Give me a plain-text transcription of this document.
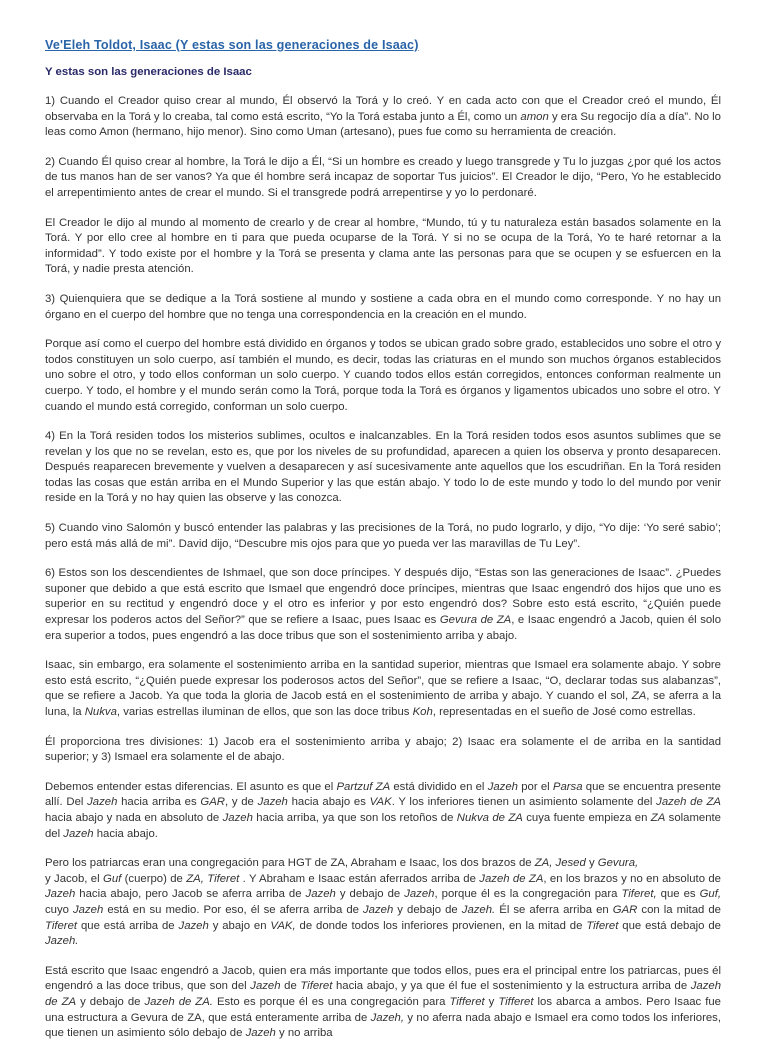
Ve'Eleh Toldot, Isaac (Y estas son las generaciones de Isaac)
Y estas son las generaciones de Isaac

1) Cuando el Creador quiso crear al mundo, Él observó la Torá y lo creó. Y en cada acto con que el Creador creó el mundo, Él observaba en la Torá y lo creaba, tal como está escrito, “Yo la Torá estaba junto a Él, como un amon y era Su regocijo día a día”. No lo leas como Amon (hermano, hijo menor). Sino como Uman (artesano), pues fue como su herramienta de creación.

2) Cuando Él quiso crear al hombre, la Torá le dijo a Él, “Si un hombre es creado y luego transgrede y Tu lo juzgas ¿por qué los actos de tus manos han de ser vanos? Ya que él hombre será incapaz de soportar Tus juicios”. El Creador le dijo, “Pero, Yo he establecido el arrepentimiento antes de crear el mundo. Si el transgrede podrá arrepentirse y yo lo perdonaré.

El Creador le dijo al mundo al momento de crearlo y de crear al hombre, “Mundo, tú y tu naturaleza están basados solamente en la Torá. Y por ello cree al hombre en ti para que pueda ocuparse de la Torá. Y si no se ocupa de la Torá, Yo te haré retornar a la informidad”. Y todo existe por el hombre y la Torá se presenta y clama ante las personas para que se ocupen y se esfuercen en la Torá, y nadie presta atención.

3) Quienquiera que se dedique a la Torá sostiene al mundo y sostiene a cada obra en el mundo como corresponde. Y no hay un órgano en el cuerpo del hombre que no tenga una correspondencia en la creación en el mundo.

Porque así como el cuerpo del hombre está dividido en órganos y todos se ubican grado sobre grado, establecidos uno sobre el otro y todos constituyen un solo cuerpo, así también el mundo, es decir, todas las criaturas en el mundo son muchos órganos establecidos uno sobre el otro, y todo ellos conforman un solo cuerpo. Y cuando todos ellos están corregidos, entonces conforman realmente un cuerpo. Y todo, el hombre y el mundo serán como la Torá, porque toda la Torá es órganos y ligamentos ubicados uno sobre el otro. Y cuando el mundo está corregido, conforman un solo cuerpo.

4) En la Torá residen todos los misterios sublimes, ocultos e inalcanzables. En la Torá residen todos esos asuntos sublimes que se revelan y los que no se revelan, esto es, que por los niveles de su profundidad, aparecen a quien los observa y pronto desaparecen. Después reaparecen brevemente y vuelven a desaparecen y así sucesivamente ante aquellos que los escudriñan. En la Torá residen todas las cosas que están arriba en el Mundo Superior y las que están abajo. Y todo lo de este mundo y todo lo del mundo por venir reside en la Torá y no hay quien las observe y las conozca.

5) Cuando vino Salomón y buscó entender las palabras y las precisiones de la Torá, no pudo lograrlo, y dijo, “Yo dije: ‘Yo seré sabio’; pero está más allá de mi”. David dijo, “Descubre mis ojos para que yo pueda ver las maravillas de Tu Ley”.

6) Estos son los descendientes de Ishmael, que son doce príncipes. Y después dijo, “Estas son las generaciones de Isaac”. ¿Puedes suponer que debido a que está escrito que Ismael que engendró doce príncipes, mientras que Isaac engendró dos hijos que uno es superior en su rectitud y engendró doce y el otro es inferior y por esto engendró dos? Sobre esto está escrito, “¿Quién puede expresar los poderos actos del Señor?” que se refiere a Isaac, pues Isaac es Gevura de ZA, e Isaac engendró a Jacob, quien él solo era superior a todos, pues engendró a las doce tribus que son el sostenimiento arriba y abajo.

Isaac, sin embargo, era solamente el sostenimiento arriba en la santidad superior, mientras que Ismael era solamente abajo. Y sobre esto está escrito, “¿Quién puede expresar los poderosos actos del Señor”, que se refiere a Isaac, “O, declarar todas sus alabanzas”, que se refiere a Jacob. Ya que toda la gloria de Jacob está en el sostenimiento de arriba y abajo. Y cuando el sol, ZA, se aferra a la luna, la Nukva, varias estrellas iluminan de ellos, que son las doce tribus Koh, representadas en el sueño de José como estrellas.

Él proporciona tres divisiones: 1) Jacob era el sostenimiento arriba y abajo; 2) Isaac era solamente el de arriba en la santidad superior; y 3) Ismael era solamente el de abajo.

Debemos entender estas diferencias. El asunto es que el Partzuf ZA está dividido en el Jazeh por el Parsa que se encuentra presente allí. Del Jazeh hacia arriba es GAR, y de Jazeh hacia abajo es VAK. Y los inferiores tienen un asimiento solamente del Jazeh de ZA hacia abajo y nada en absoluto de Jazeh hacia arriba, ya que son los retoños de Nukva de ZA cuya fuente empieza en ZA solamente del Jazeh hacia abajo.

Pero los patriarcas eran una congregación para HGT de ZA, Abraham e Isaac, los dos brazos de ZA, Jesed y Gevura,
y Jacob, el Guf (cuerpo) de ZA, Tiferet . Y Abraham e Isaac están aferrados arriba de Jazeh de ZA, en los brazos y no en absoluto de Jazeh hacia abajo, pero Jacob se aferra arriba de Jazeh y debajo de Jazeh, porque él es la congregación para Tiferet, que es Guf, cuyo Jazeh está en su medio. Por eso, él se aferra arriba de Jazeh y debajo de Jazeh. Él se aferra arriba en GAR con la mitad de Tiferet que está arriba de Jazeh y abajo en VAK, de donde todos los inferiores provienen, en la mitad de Tiferet que está debajo de Jazeh.

Está escrito que Isaac engendró a Jacob, quien era más importante que todos ellos, pues era el principal entre los patriarcas, pues él engendró a las doce tribus, que son del Jazeh de Tiferet hacia abajo, y ya que él fue el sostenimiento y la estructura arriba de Jazeh de ZA y debajo de Jazeh de ZA. Esto es porque él es una congregación para Tifferet y Tifferet los abarca a ambos. Pero Isaac fue una estructura a Gevura de ZA, que está enteramente arriba de Jazeh, y no aferra nada abajo e Ismael era como todos los inferiores, que tienen un asimiento sólo debajo de Jazeh y no arriba
